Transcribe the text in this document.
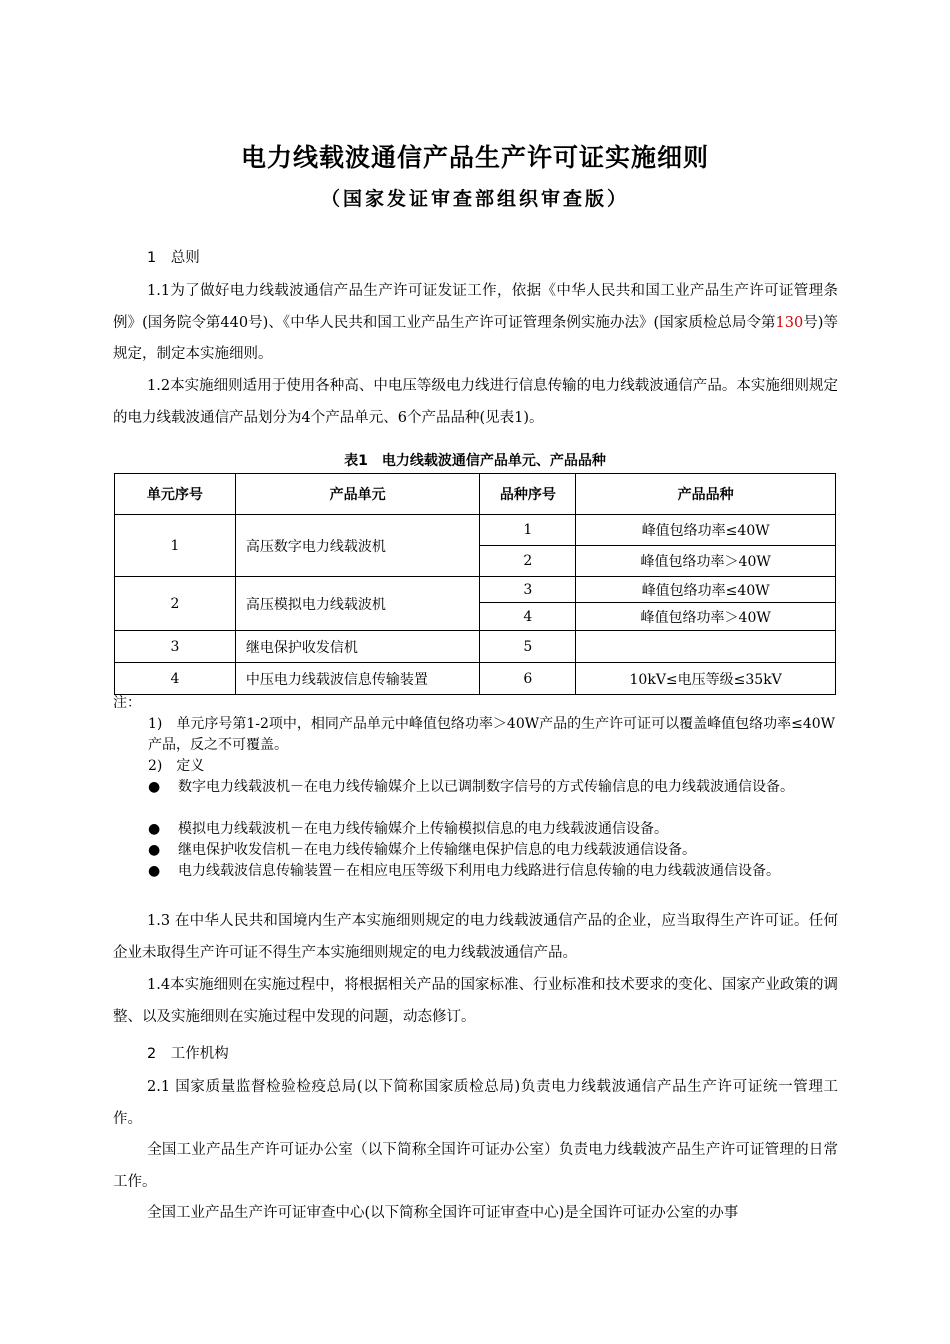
电力线载波通信产品生产许可证实施细则
（国家发证审查部组织审查版）
1　总则

1.1为了做好电力线载波通信产品生产许可证发证工作，依据《中华人民共和国工业产品生产许可证管理条例》(国务院令第440号)、《中华人民共和国工业产品生产许可证管理条例实施办法》(国家质检总局令第130号)等规定，制定本实施细则。

1.2本实施细则适用于使用各种高、中电压等级电力线进行信息传输的电力线载波通信产品。本实施细则规定的电力线载波通信产品划分为4个产品单元、6个产品品种(见表1)。

表1　电力线载波通信产品单元、产品品种
单元序号	产品单元	品种序号	产品品种
1	高压数字电力线载波机	1	峰值包络功率≤40W
		2	峰值包络功率＞40W
2	高压模拟电力线载波机	3	峰值包络功率≤40W
		4	峰值包络功率＞40W
3	继电保护收发信机	5	
4	中压电力线载波信息传输装置	6	10kV≤电压等级≤35kV
注：

1)　单元序号第1-2项中，相同产品单元中峰值包络功率＞40W产品的生产许可证可以覆盖峰值包络功率≤40W产品，反之不可覆盖。

2)　定义
●	数字电力线载波机－在电力线传输媒介上以已调制数字信号的方式传输信息的电力线载波通信设备。
●	模拟电力线载波机－在电力线传输媒介上传输模拟信息的电力线载波通信设备。
●	继电保护收发信机－在电力线传输媒介上传输继电保护信息的电力线载波通信设备。
●	电力线载波信息传输装置－在相应电压等级下利用电力线路进行信息传输的电力线载波通信设备。

1.3 在中华人民共和国境内生产本实施细则规定的电力线载波通信产品的企业，应当取得生产许可证。任何企业未取得生产许可证不得生产本实施细则规定的电力线载波通信产品。

1.4本实施细则在实施过程中，将根据相关产品的国家标准、行业标准和技术要求的变化、国家产业政策的调整、以及实施细则在实施过程中发现的问题，动态修订。

2　工作机构

2.1 国家质量监督检验检疫总局(以下简称国家质检总局)负责电力线载波通信产品生产许可证统一管理工作。

全国工业产品生产许可证办公室（以下简称全国许可证办公室）负责电力线载波产品生产许可证管理的日常工作。

全国工业产品生产许可证审查中心(以下简称全国许可证审查中心)是全国许可证办公室的办事
